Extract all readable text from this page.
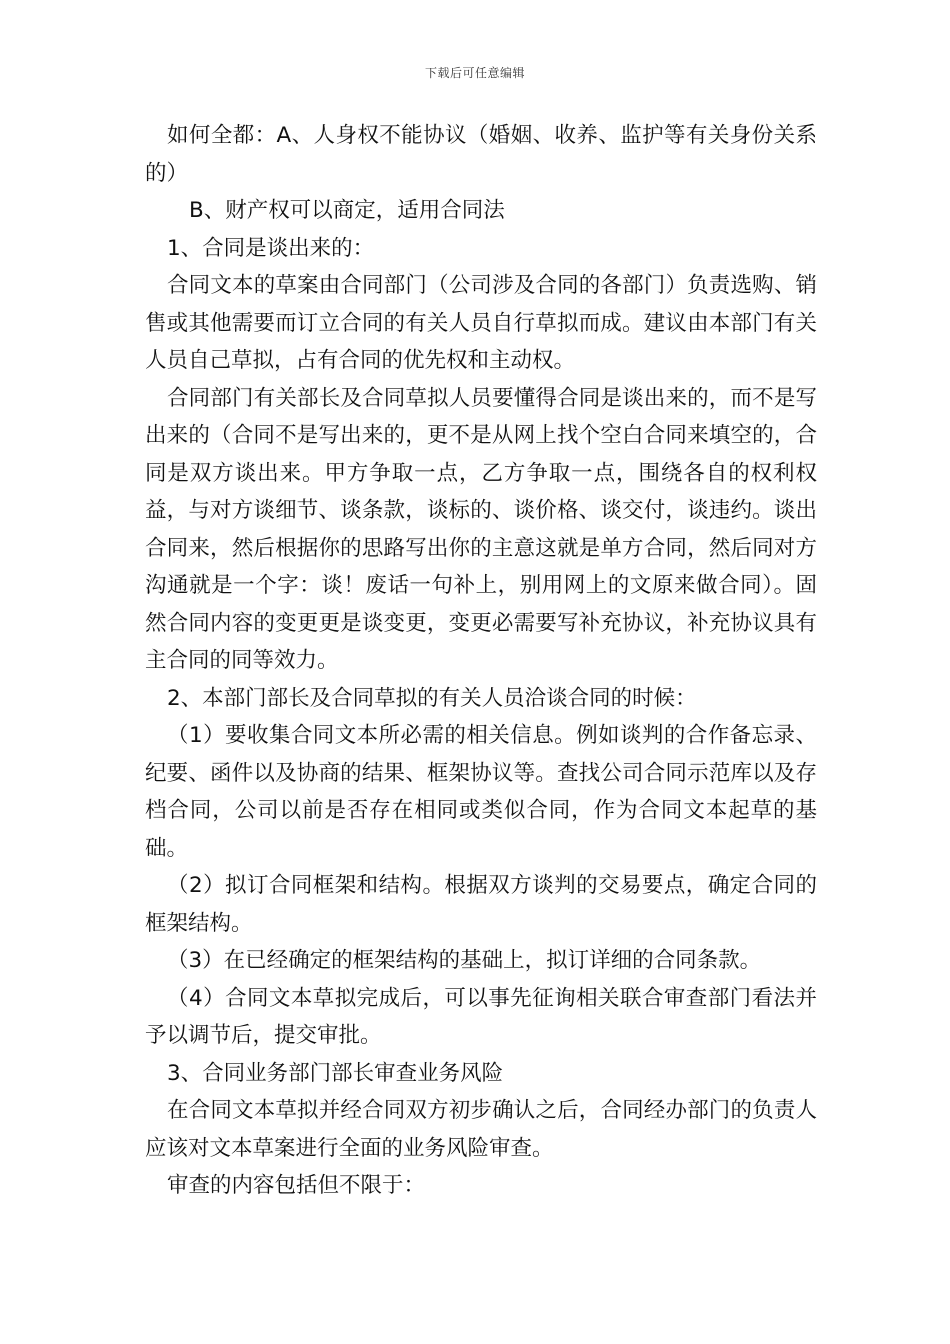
下载后可任意编辑

如何全都：A、人身权不能协议（婚姻、收养、监护等有关身份关系的）

B、财产权可以商定，适用合同法

1、合同是谈出来的：

合同文本的草案由合同部门（公司涉及合同的各部门）负责选购、销售或其他需要而订立合同的有关人员自行草拟而成。建议由本部门有关人员自己草拟，占有合同的优先权和主动权。

合同部门有关部长及合同草拟人员要懂得合同是谈出来的，而不是写出来的（合同不是写出来的，更不是从网上找个空白合同来填空的，合同是双方谈出来。甲方争取一点，乙方争取一点，围绕各自的权利权益，与对方谈细节、谈条款，谈标的、谈价格、谈交付，谈违约。谈出合同来，然后根据你的思路写出你的主意这就是单方合同，然后同对方沟通就是一个字：谈！废话一句补上，别用网上的文原来做合同）。固然合同内容的变更更是谈变更，变更必需要写补充协议，补充协议具有主合同的同等效力。

2、本部门部长及合同草拟的有关人员洽谈合同的时候：

（1）要收集合同文本所必需的相关信息。例如谈判的合作备忘录、纪要、函件以及协商的结果、框架协议等。查找公司合同示范库以及存档合同，公司以前是否存在相同或类似合同，作为合同文本起草的基础。

（2）拟订合同框架和结构。根据双方谈判的交易要点，确定合同的框架结构。

（3）在已经确定的框架结构的基础上，拟订详细的合同条款。

（4）合同文本草拟完成后，可以事先征询相关联合审查部门看法并予以调节后，提交审批。

3、合同业务部门部长审查业务风险

在合同文本草拟并经合同双方初步确认之后，合同经办部门的负责人应该对文本草案进行全面的业务风险审查。

审查的内容包括但不限于：
